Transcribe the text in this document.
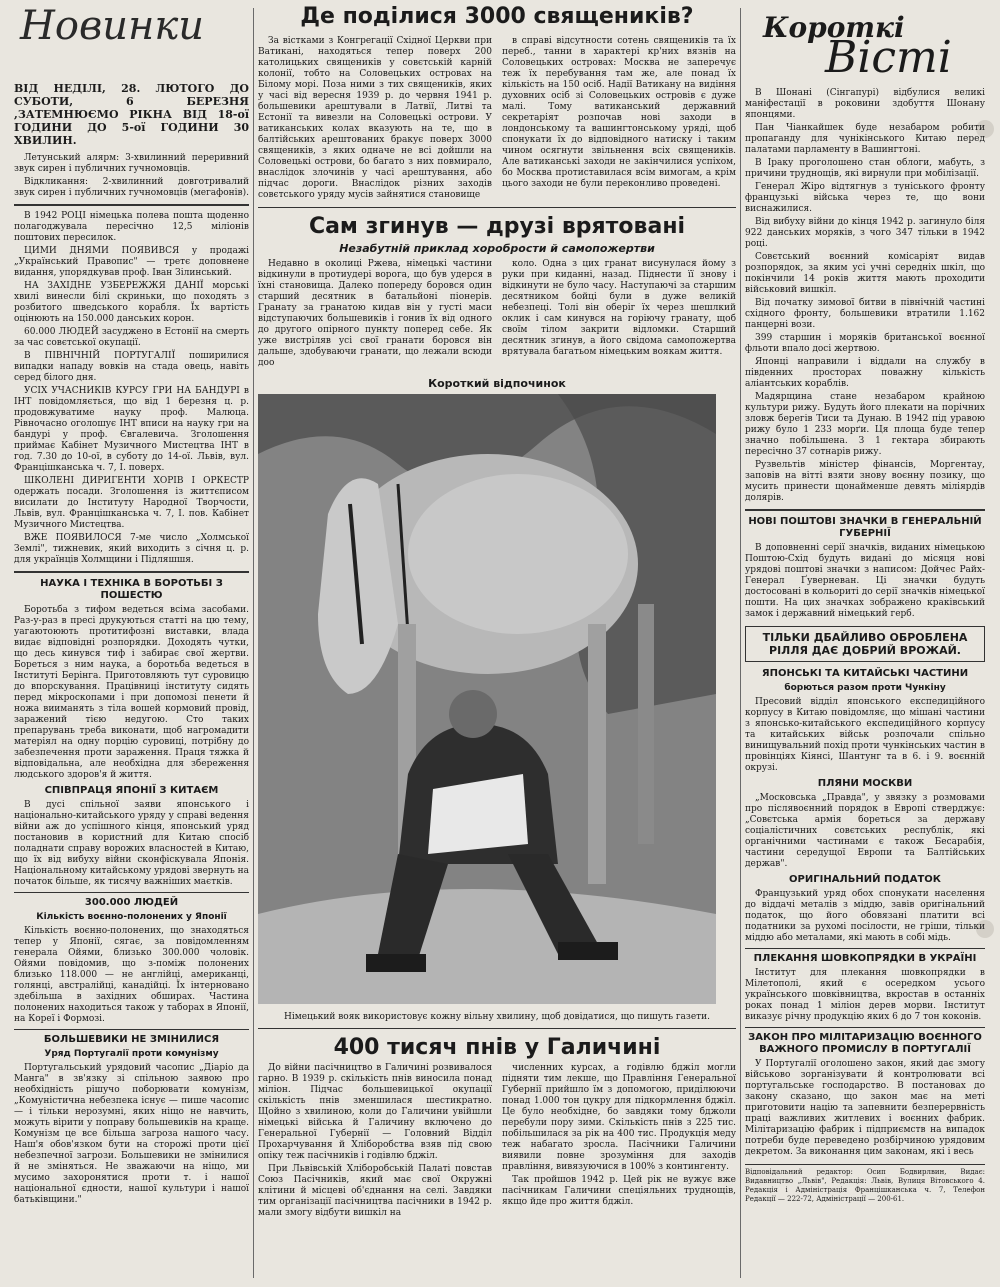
Новинки
ВІД НЕДІЛІ, 28. ЛЮТОГО ДО СУБОТИ, 6 БЕРЕЗНЯ ,ЗАТЕМНЮЄМО РІКНА ВІД 18-ої ГОДИНИ ДО 5-ої ГОДИНИ 30 ХВИЛИН.

Летунський алярм: 3-хвилинний переривний звук сирен і публичних гучномовців.

Відкликання: 2-хвилинний довготривалий звук сирен і публичних гучномовців (мегафонів).

В 1942 РОЦІ німецька полева пошта щоденно полагоджувала пересічно 12,5 міліонів поштових пересилок.

ЦИМИ ДНЯМИ ПОЯВИВСЯ у продажі „Український Правопис" — третє доповнене видання, упорядкував проф. Іван Зілинський.

НА ЗАХІДНЕ УЗБЕРЕЖЖЯ ДАНІЇ морські хвилі винесли білі скриньки, що походять з розбитого шведського корабля. Їх вартість оцінюють на 150.000 данських корон.

60.000 ЛЮДЕЙ засуджено в Естонії на смерть за час совєтської окупації.

В ПІВНІЧНІЙ ПОРТУГАЛІЇ поширилися випадки нападу вовків на стада овець, навіть серед білого дня.

УСІХ УЧАСНИКІВ КУРСУ ГРИ НА БАНДУРІ в ІНТ повідомляється, що від 1 березня ц. р. продовжуватиме науку проф. Малюца. Рівночасно оголошує ІНТ вписи на науку гри на бандурі у проф. Євгалевича. Зголошення приймає Кабінет Музичного Мистецтва ІНТ в год. 7.30 до 10-ої, в суботу до 14-ої. Львів, вул. Францішканська ч. 7, І. поверх.

ШКОЛЕНІ ДИРИГЕНТИ ХОРІВ І ОРКЕСТР одержать посади. Зголошення із життєписом висилати до Інституту Народної Творчости, Львів, вул. Францішканська ч. 7, І. пов. Кабінет Музичного Мистецтва.

ВЖЕ ПОЯВИЛОСЯ 7-ме число „Холмської Землі", тижневик, який виходить з січня ц. р. для українців Холмщини і Підляшшя.

НАУКА І ТЕХНІКА В БОРОТЬБІ З ПОШЕСТЮ

Боротьба з тифом ведеться всіма засобами. Раз-у-раз в пресі друкуються статті на цю тему, уагаютоюють протитифозні виставки, влада видає відповідні розпорядки. Доходять чутки, що десь кинувся тиф і забирає свої жертви. Бореться з ним наука, а боротьба ведеться в Інституті Берінга. Приготовляють тут суровицю до впорскування. Працівниці інституту сидять перед мікроскопами і при допомозі пенети й ножа вииманять з тіла вошей кормовий провід, заражений тією недугою. Сто таких препарувань треба виконати, щоб нагромадити матеріял на одну порцію суровиці, потрібну до забезпечення проти зараження. Праця тяжка й відповідальна, але необхідна для збереження людського здоров'я й життя.

СПІВПРАЦЯ ЯПОНІЇ З КИТАЄМ

В дусі спільної заяви японського і національно-китайського уряду у справі ведення війни аж до успішного кінця, японський уряд постановив в користний для Китаю спосіб поладнати справу ворожих власностей в Китаю, що їх від вибуху війни сконфіскувала Японія. Національному китайському урядові звернуть на початок більше, як тисячу важніших маєтків.

300.000 ЛЮДЕЙ
Кількість воєнно-полонених у Японії

Кількість воєнно-полонених, що знаходяться тепер у Японії, сягає, за повідомленням генерала Ойями, близько 300.000 чоловік. Ойями повідомив, що з-поміж полонених близько 118.000 — не англійці, американці, голянці, австралійці, канадійці. Їх інтерновано здебільша в західних обширах. Частина полонених находиться також у таборах в Японії, на Кореї і Формозі.

БОЛЬШЕВИКИ НЕ ЗМІНИЛИСЯ
Уряд Португалії проти комунізму

Португальський урядовий часопис „Діаріо да Манга" в зв'язку зі спільною заявою про необхідність рішучо поборювати комунізм, „Комуністична небезпека існує — пише часопис — і тільки нерозумні, яких ніщо не навчить, можуть вірити у поправу большевиків на краще. Комунізм це все більша загроза нашого часу. Наш'я обов'язком бути на сторожі проти цієї небезпечної загрози. Большевики не змінилися й не зміняться. Не зважаючи на ніщо, ми мусимо захоронятися проти т. і нашої національної єдности, нашої культури і нашої батьківщини."

Де поділися 3000 священиків?

За вістками з Конгрегації Східної Церкви при Ватикані, находяться тепер поверх 200 католицьких священиків у совєтській карній колонії, тобто на Соловецьких островах на Білому морі. Поза ними з тих священиків, яких у часі від вересня 1939 р. до червня 1941 р. большевики арештували в Латвії, Литві та Естонії та вивезли на Соловецькі острови. У ватиканських колах вказують на те, що в балтійських арештованих бракує поверх 3000 священиків, з яких одначе не всі дойшли на Соловецькі острови, бо багато з них повмирало, внаслідок злочинів у часі арештування, або підчас дороги. Внаслідок різних заходів совєтського уряду мусів зайнятися становище

в справі відсутности сотень священиків та їх переб., танни в характері кр'них вязнів на Соловецьких островах: Москва не заперечує теж їх перебування там же, але понад їх кількість на 150 осіб. Надії Ватикану на видіння духовних осіб зі Соловецьких островів є дуже малі. Тому ватиканський державний секретаріят розпочав нові заходи в лондонському та вашингтонському уряді, щоб спонукати їх до відповідного натиску і таким чином осягнути звільнення всіх священиків. Але ватиканські заходи не закінчилися успіхом, бо Москва протиставилася всім вимогам, а крім цього заходи не були переконливо проведені.

Сам згинув — друзі врятовані
Незабутній приклад хоробрости й самопожертви

Недавно в околиці Ржева, німецькі частини відкинули в протиудері ворога, що був удерся в їхні становища. Далеко попереду боровся один старший десятник в батальйоні піонерів. Гранату за гранатою кидав він у густі маси відступаючих большевиків і гонив їх від одного до другого опірного пункту поперед себе. Як уже вистріляв усі свої гранати боровся він дальше, здобуваючи гранати, що лежали всюди доо

коло. Одна з цих гранат висунулася йому з руки при киданні, назад. Піднести її знову і відкинути не було часу. Наступаючі за старшим десятником бойці були в дуже великій небезпеці. Толі він оберіг їх через шешлкий оклик і сам кинувся на горіючу гранату, щоб своїм тілом закрити відломки. Старший десятник згинув, а його свідома самопожертва врятувала багатьом німецьким воякам життя.

Короткий відпочинок
Німецький вояк використовує кожну вільну хвилину, щоб довідатися, що пишуть газети.
400 тисяч пнів у Галичині

До війни пасічництво в Галичині розвивалося гарно. В 1939 р. скількість пнів виносила понад міліон. Підчас большевицької окупації скількість пнів зменшилася шестикратно. Щойно з хвилиною, коли до Галичини увійшли німецькі війська й Галичину включено до Генеральної Губернії — Головний Відділ Прохарчування й Хліборобства взяв під свою опіку теж пасічників і годівлю бджіл.

При Львівській Хліборобській Палаті повстав Союз Пасічників, який має свої Окружні клітини й місцеві об'єднання на селі. Завдяки тим організації пасічництва пасічники в 1942 р. мали змогу відбути вишкіл на

численних курсах, а годівлю бджіл могли підняти тим лекше, що Правління Генеральної Губернії прийшло їм з допомогою, приділюючи понад 1.000 тон цукру для підкормлення бджіл. Це було необхідне, бо завдяки тому бджоли перебули пору зими. Скількість пнів з 225 тис. побільшилася за рік на 400 тис. Продукція меду теж набагато зросла. Пасічники Галичини виявили повне зрозуміння для заходів правління, вивязуючися в 100% з контингенту.

Так пройшов 1942 р. Цей рік не вужує вже пасічникам Галичини спеціяльних труднощів, якщо йде про життя бджіл.

Короткі
Вісті

В Шонані (Сінгапурі) відбулися великі маніфестації в роковини здобуття Шонану японцями.

Пан Чіанкайшек буде незабаром робити пропаганду для чунікінського Китаю перед палатами парламенту в Вашингтоні.

В Іраку проголошено стан облоги, мабуть, з причини труднощів, які вирнули при мобілізації.

Генерал Жіро відтягнув з туніського фронту французькі війська через те, що вони виснажилися.

Від вибуху війни до кінця 1942 р. загинуло біля 922 данських моряків, з чого 347 тільки в 1942 році.

Совєтський воєнний комісаріят видав розпорядок, за яким усі учні середніх шкіл, що покінчили 14 років життя мають проходити військовий вишкіл.

Від початку зимової битви в північній частині східного фронту, большевики втратили 1.162 панцерні вози.

399 старшин і моряків британської воєнної фльоти впало досі жертвою.

Японці направили і віддали на службу в південних просторах поважну кількість аліантських кораблів.

Мадярщина стане незабаром крайною культури рижу. Будуть його плекати на порічних зловж берегів Тиси та Дунаю. В 1942 під уравою рижу було 1 233 морґи. Ця площа буде тепер значно побільшена. З 1 гектара збирають пересічно 37 сотнарів рижу.

Рузвельтів міністер фінансів, Моргентау, заповів на вітті взяти знову воєнну позику, що мусить принести щонайменше девять міліярдів долярів.

НОВІ ПОШТОВІ ЗНАЧКИ В ГЕНЕРАЛЬНІЙ ГУБЕРНІЇ

В доповненні серії значків, виданих німецькою Поштою-Схід будуть видані до місяця нові урядові поштові значки з написом: Дойчес Райх-Генерал Ґуверневан. Ці значки будуть достосовані в кольориті до серії значків німецької пошти. На цих значках зображено краківський замок і державний німецький герб.

ТІЛЬКИ ДБАЙЛИВО ОБРОБЛЕНА РІЛЛЯ ДАЄ ДОБРИЙ ВРОЖАЙ.
ЯПОНСЬКІ ТА КИТАЙСЬКІ ЧАСТИНИ
борються разом проти Чункіну

Пресовий відділ японського експедиційного корпусу в Китаю повідомляє, що мішані частини з японсько-китайського експедиційного корпусу та китайських військ розпочали спільно винищувальний похід проти чункінських частин в провінціях Кіянсі, Шантунг та в 6. і 9. воєнній окрузі.

ПЛЯНИ МОСКВИ

„Московська „Правда", у звязку з розмовами про післявоєнний порядок в Европі стверджує: „Совєтська армія бореться за державу соціалістичних совєтських республік, які органічними частинами є також Бесарабія, частини середущої Европи та Балтійських держав".

ОРИГІНАЛЬНИЙ ПОДАТОК

Французький уряд обох спонукати населення до віддачі металів з міддю, завів оригінальний податок, що його обовязані платити всі податники за рухомі посілости, не гріши, тільки міддю або металами, які мають в собі мідь.

ПЛЕКАННЯ ШОВКОПРЯДКИ В УКРАЇНІ

Інститут для плекання шовкопрядки в Мілетополі, який є осередком усього українського шовківництва, вкростав в останніх роках понад 1 міліон дерев морви. Інститут виказує річну продукцію яких 6 до 7 тон коконів.

ЗАКОН ПРО МІЛІТАРИЗАЦІЮ ВОЄННОГО ВАЖНОГО ПРОМИСЛУ В ПОРТУГАЛІЇ

У Португалії оголошено закон, який дає змогу військово зорганізувати й контролювати всі португальське господарство. В постановах до закону сказано, що закон має на меті приготовити націю та запевнити безперервність праці важливих житлевих і воєнних фабрик. Мілітаризацію фабрик і підприємств на випадок потреби буде переведено розбірчиною урядовим декретом. За виконання цим законам, які і весь

Відповідальний редактор: Осип Бодвирлвин, Видає: Видавництво „Львів", Редакція: Львів, Вулиця Вітовського 4. Редакція і Адміністрація Францішканська ч. 7, Телефон Редакції — 222-72, Адміністрації — 200-61.
